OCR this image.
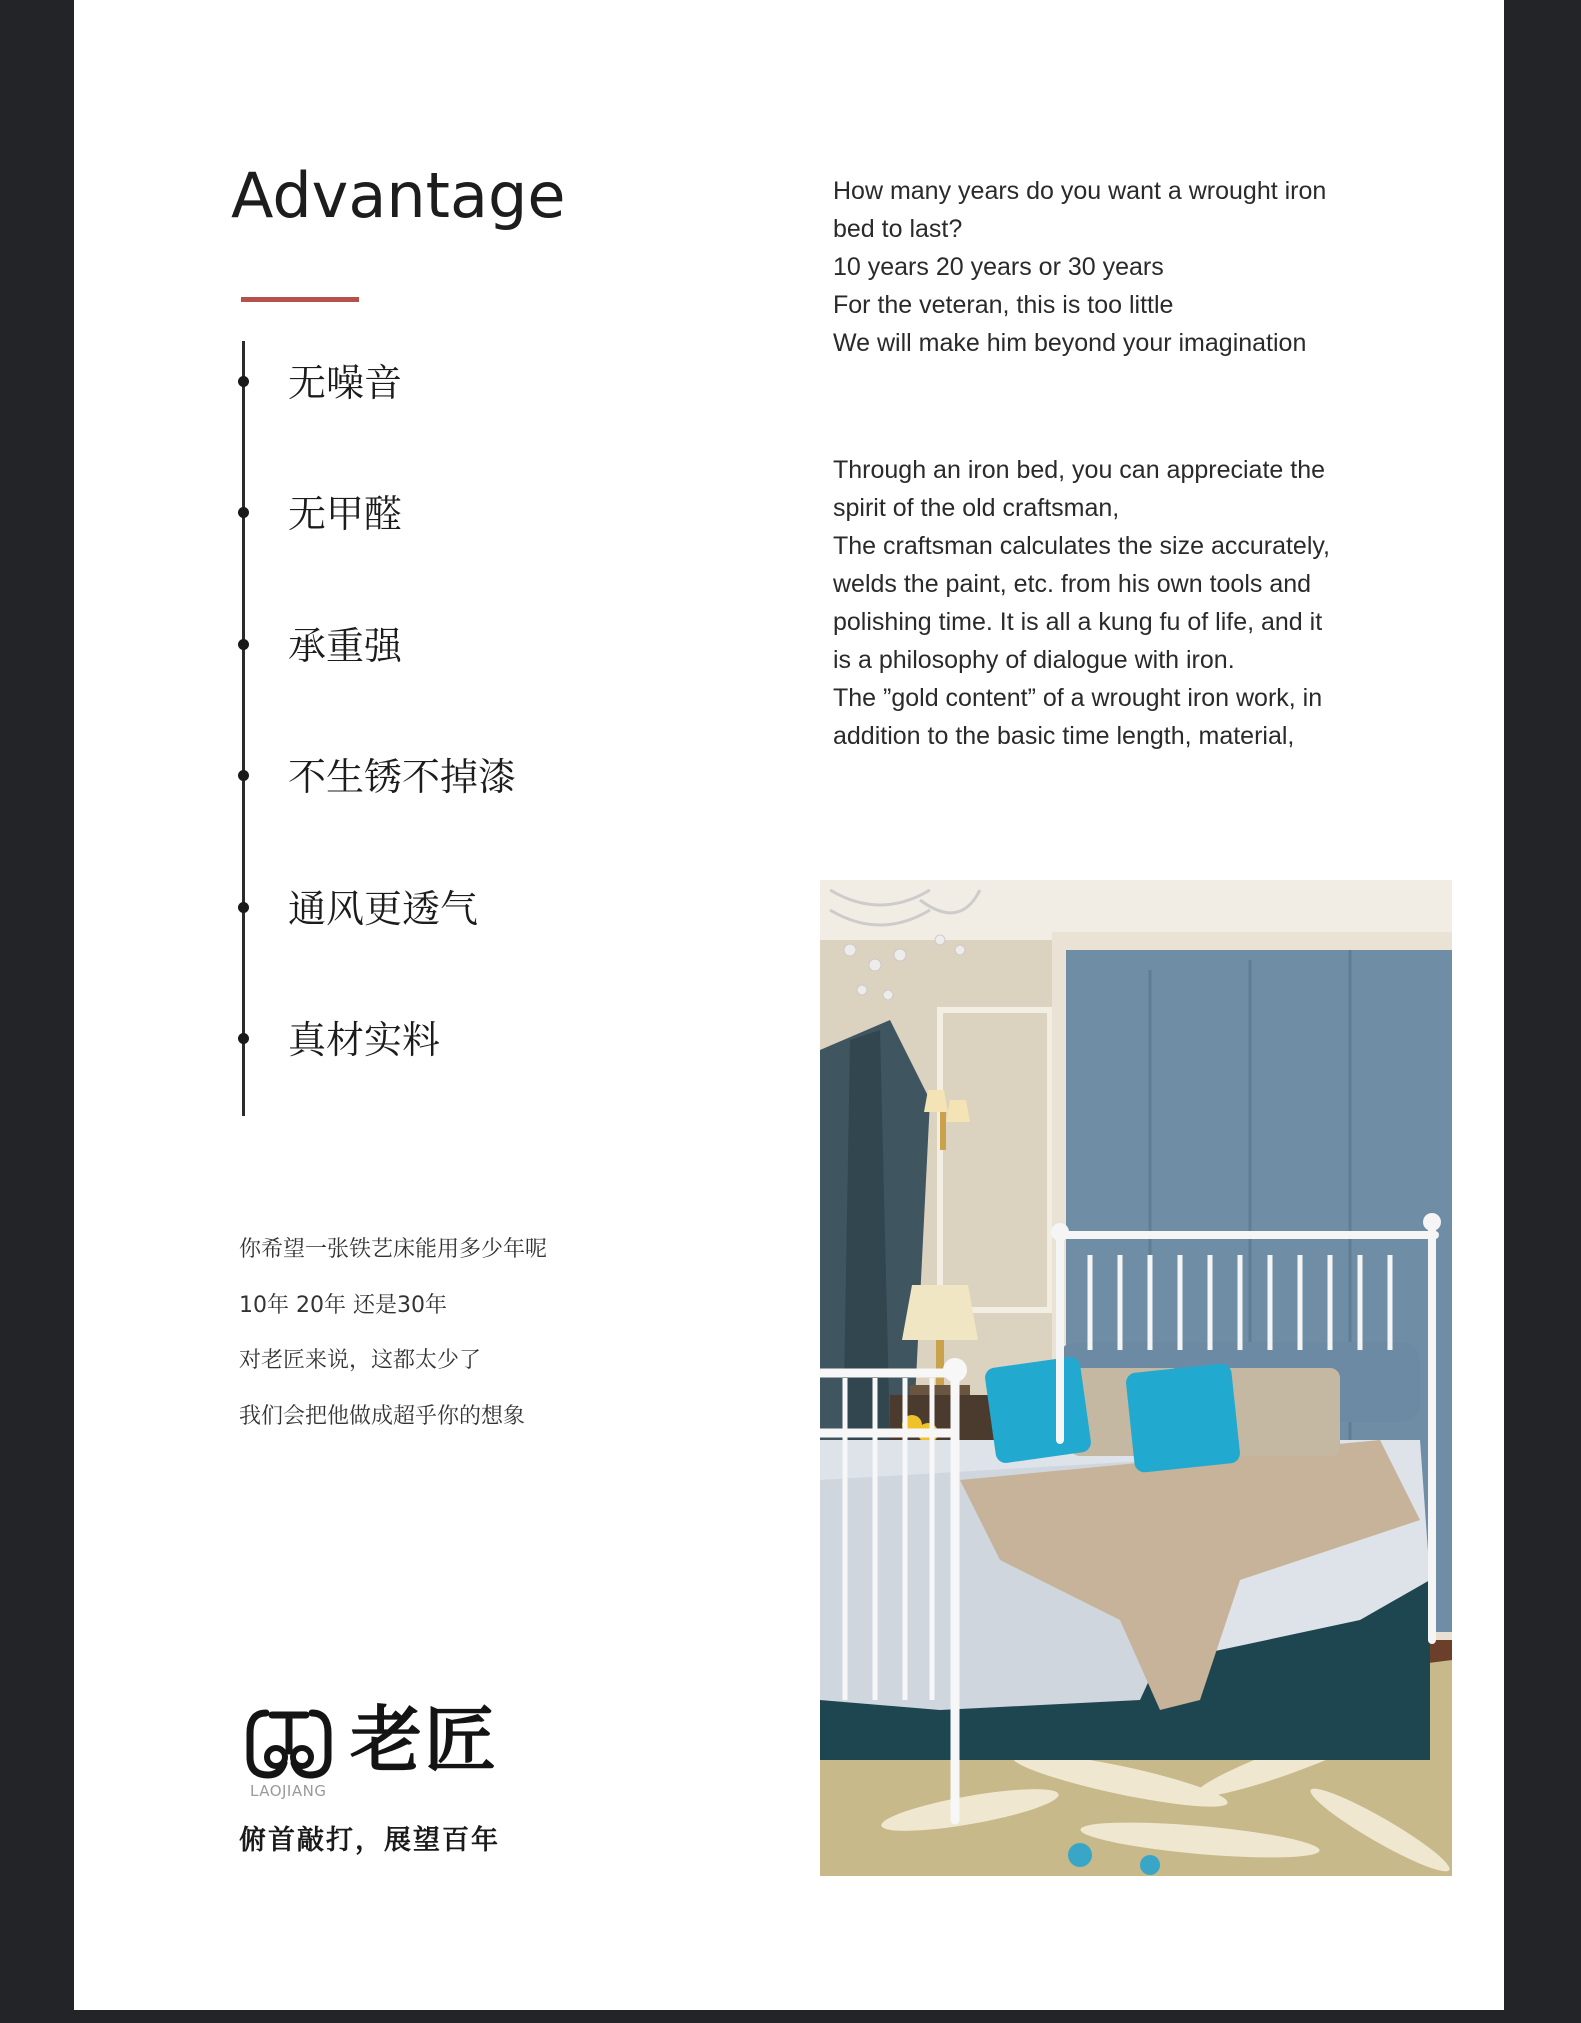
Advantage
无噪音
无甲醛
承重强
不生锈不掉漆
通风更透气
真材实料
你希望一张铁艺床能用多少年呢
10年 20年 还是30年
对老匠来说，这都太少了
我们会把他做成超乎你的想象
LAOJIANG
老匠
俯首敲打，展望百年
How many years do you want a wrought iron
bed to last?
10 years 20 years or 30 years
For the veteran, this is too little
We will make him beyond your imagination
Through an iron bed, you can appreciate the
spirit of the old craftsman,
The craftsman calculates the size accurately,
welds the paint, etc. from his own tools and
polishing time. It is all a kung fu of life, and it
is a philosophy of dialogue with iron.
The ”gold content” of a wrought iron work, in
addition to the basic time length, material,
